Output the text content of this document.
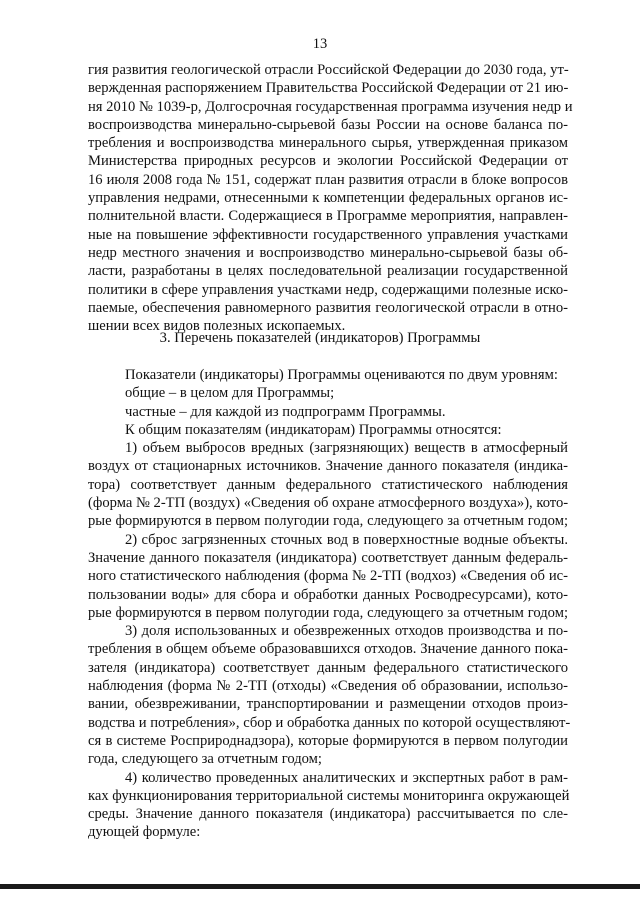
13
гия развития геологической отрасли Российской Федерации до 2030 года, ут-
вержденная распоряжением Правительства Российской Федерации от 21 ию-
ня 2010 № 1039-р, Долгосрочная государственная программа изучения недр и
воспроизводства минерально-сырьевой базы России на основе баланса по-
требления и воспроизводства минерального сырья, утвержденная приказом
Министерства природных ресурсов и экологии Российской Федерации от
16 июля 2008 года № 151, содержат план развития отрасли в блоке вопросов
управления недрами, отнесенными к компетенции федеральных органов ис-
полнительной власти. Содержащиеся в Программе мероприятия, направлен-
ные на повышение эффективности государственного управления участками
недр местного значения и воспроизводство минерально-сырьевой базы об-
ласти, разработаны в целях последовательной реализации государственной
политики в сфере управления участками недр, содержащими полезные иско-
паемые, обеспечения равномерного развития геологической отрасли в отно-
шении всех видов полезных ископаемых.
3. Перечень показателей (индикаторов) Программы
Показатели (индикаторы) Программы оцениваются по двум уровням:
общие – в целом для Программы;
частные – для каждой из подпрограмм Программы.
К общим показателям (индикаторам) Программы относятся:
1) объем выбросов вредных (загрязняющих) веществ в атмосферный
воздух от стационарных источников. Значение данного показателя (индика-
тора) соответствует данным федерального статистического наблюдения
(форма № 2-ТП (воздух) «Сведения об охране атмосферного воздуха»), кото-
рые формируются в первом полугодии года, следующего за отчетным годом;
2) сброс загрязненных сточных вод в поверхностные водные объекты.
Значение данного показателя (индикатора) соответствует данным федераль-
ного статистического наблюдения (форма № 2-ТП (водхоз) «Сведения об ис-
пользовании воды» для сбора и обработки данных Росводресурсами), кото-
рые формируются в первом полугодии года, следующего за отчетным годом;
3) доля использованных и обезвреженных отходов производства и по-
требления в общем объеме образовавшихся отходов. Значение данного пока-
зателя (индикатора) соответствует данным федерального статистического
наблюдения (форма № 2-ТП (отходы) «Сведения об образовании, использо-
вании, обезвреживании, транспортировании и размещении отходов произ-
водства и потребления», сбор и обработка данных по которой осуществляют-
ся в системе Росприроднадзора), которые формируются в первом полугодии
года, следующего за отчетным годом;
4) количество проведенных аналитических и экспертных работ в рам-
ках функционирования территориальной системы мониторинга окружающей
среды. Значение данного показателя (индикатора) рассчитывается по сле-
дующей формуле:
